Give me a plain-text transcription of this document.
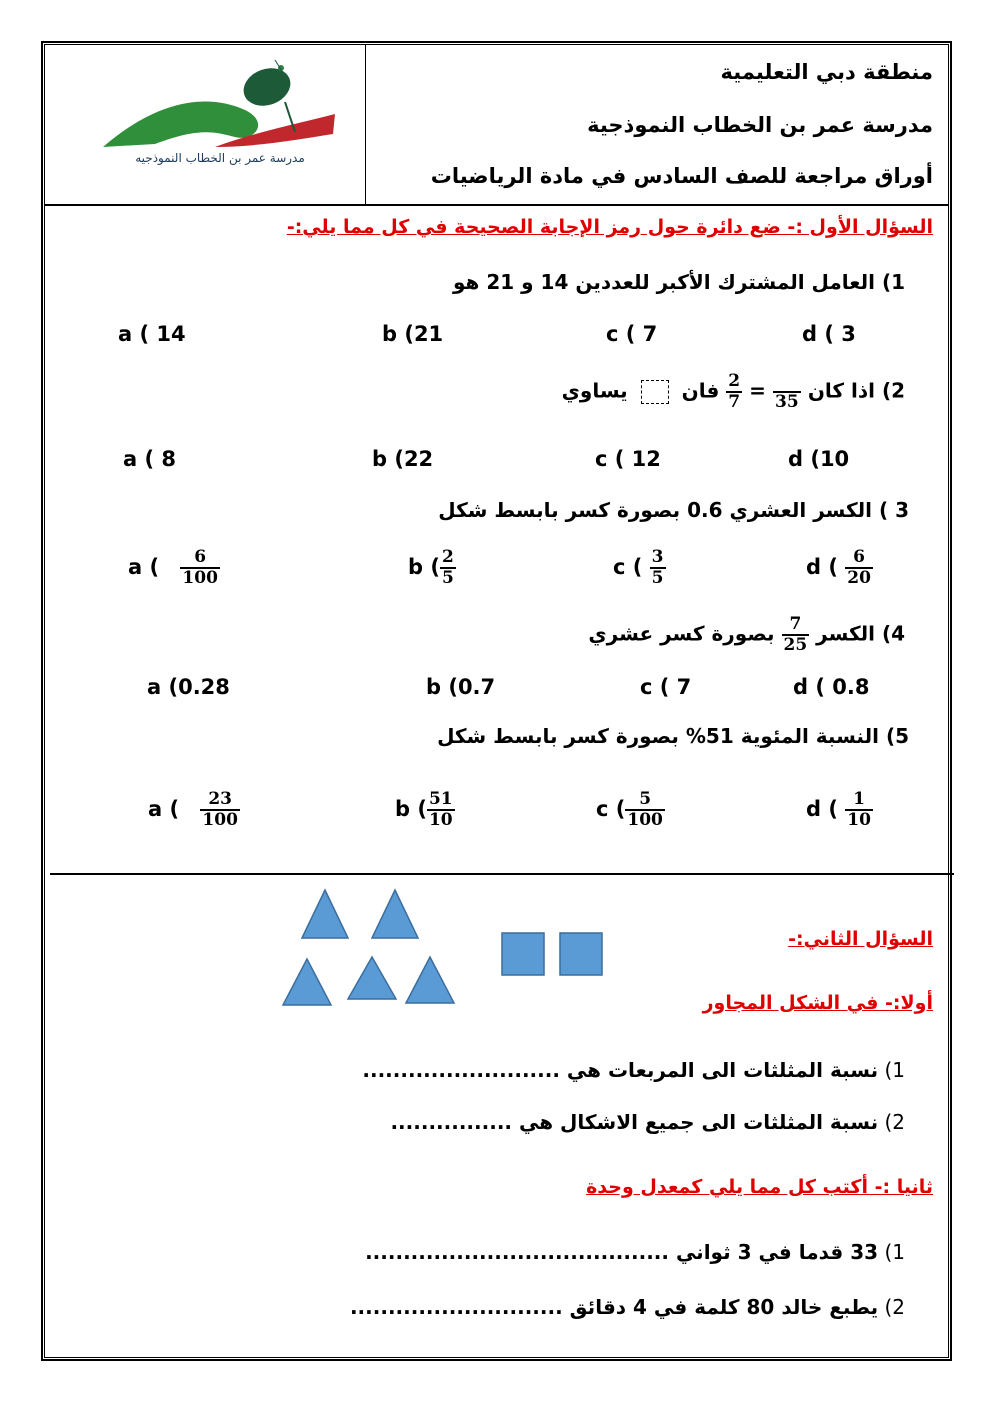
مدرسة عمر بن الخطاب النموذجيه
منطقة دبي التعليمية
مدرسة عمر بن الخطاب النموذجية
أوراق مراجعة للصف السادس في مادة الرياضيات
السؤال الأول :- ضع دائرة حول رمز الإجابة الصحيحة في كل مما يلي:-
1) العامل المشترك الأكبر للعددين 14 و 21 هو
a ( 14	b (21	c ( 7	d ( 3
2) اذا كان
35
=
$\frac{2}{7}$
فان  يساوي
a ( 8	b (22	c ( 12	d (10
3 ) الكسر العشري 0.6 بصورة كسر بابسط شكل
a ( $\frac{6}{100}$	b ( $\frac{2}{5}$	c ( $\frac{3}{5}$	d ( $\frac{6}{20}$
4) الكسر
$\frac{7}{25}$
بصورة كسر عشري
a (0.28	b (0.7	c ( 7	d ( 0.8
5) النسبة المئوية 51% بصورة كسر بابسط شكل
a ( $\frac{23}{100}$	b ( $\frac{51}{10}$	c ( $\frac{5}{100}$	d ( $\frac{1}{10}$
السؤال الثاني:-
أولا:- في الشكل المجاور
1) نسبة المثلثات الى المربعات هي ..........................
2) نسبة المثلثات الى جميع الاشكال هي ................
ثانيا :- أكتب كل مما يلي كمعدل وحدة
1) 33 قدما في 3 ثواني ........................................
2) يطبع خالد 80 كلمة في 4 دقائق ............................
